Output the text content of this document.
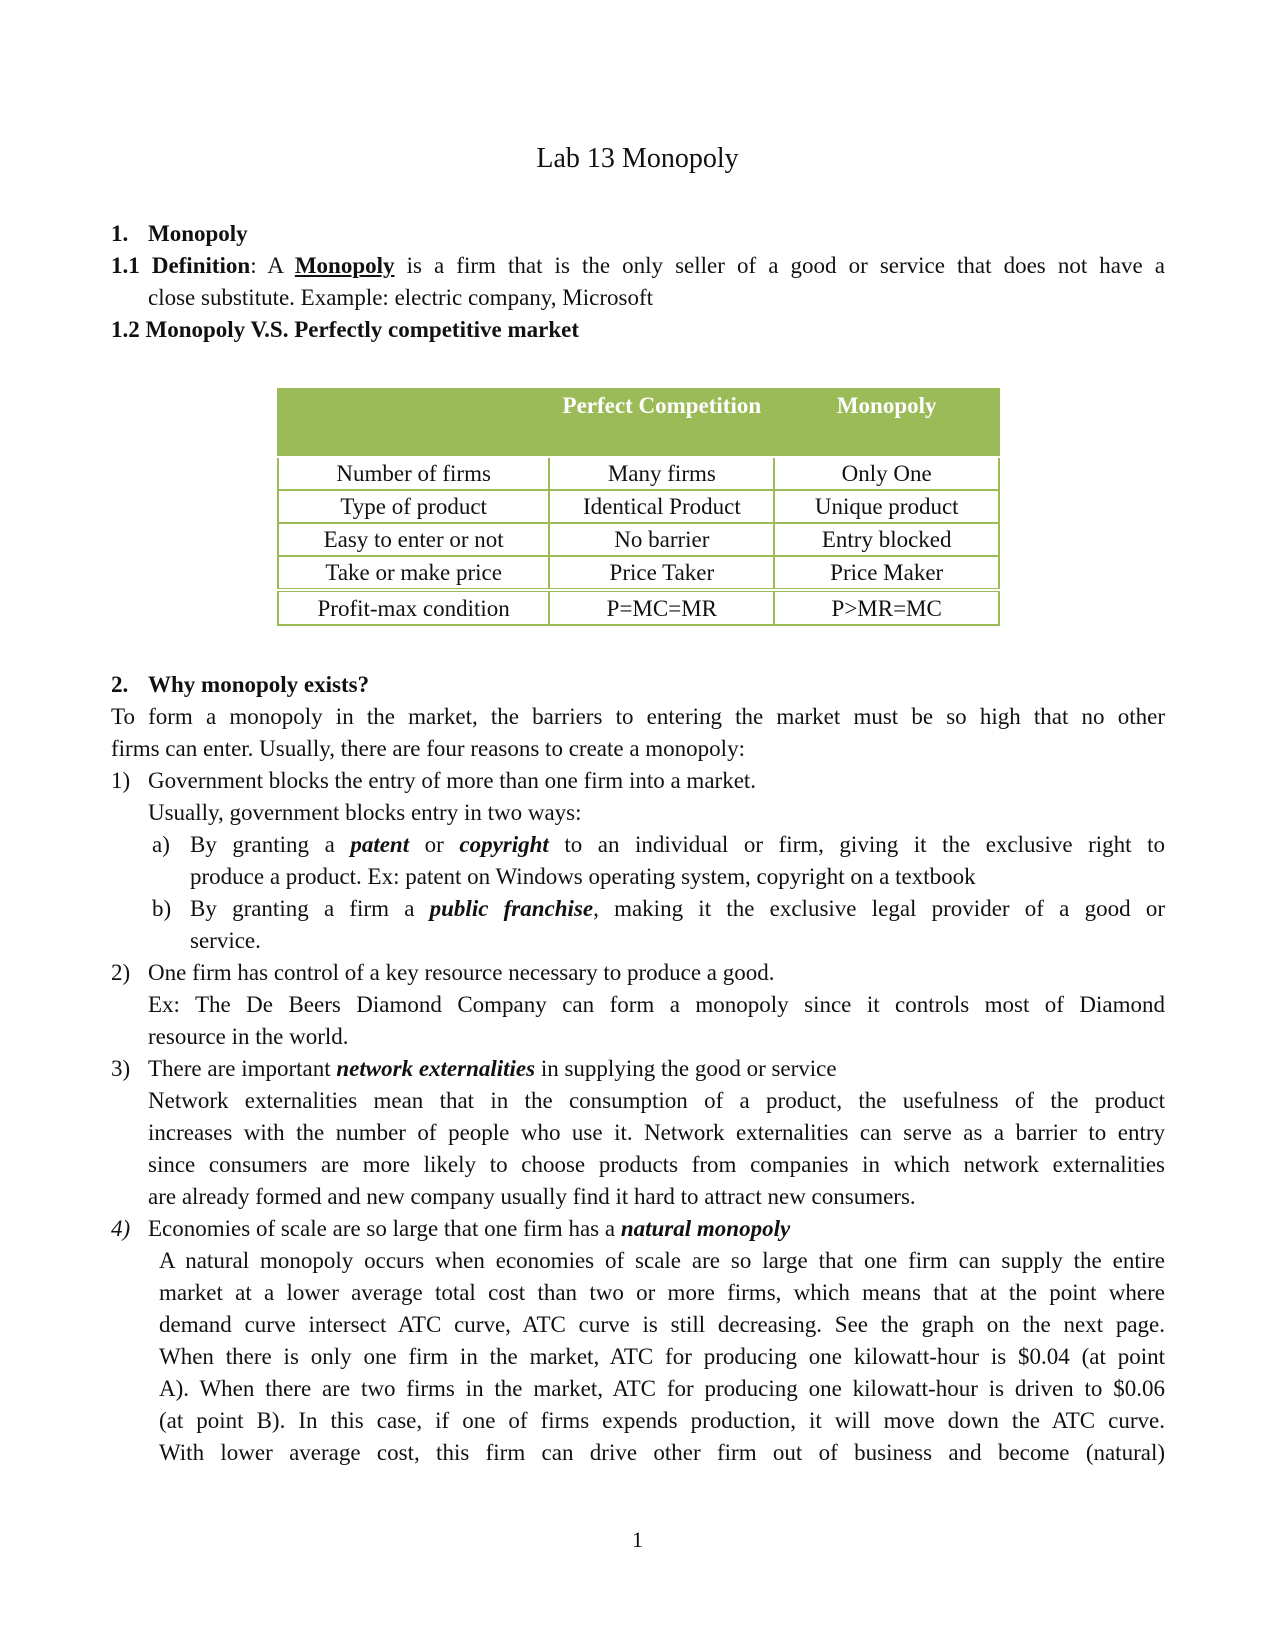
Lab 13 Monopoly
1. Monopoly
1.1 Definition: A Monopoly is a firm that is the only seller of a good or service that does not have a
close substitute. Example: electric company, Microsoft
1.2 Monopoly V.S. Perfectly competitive market
	Perfect Competition	Monopoly
Number of firms	Many firms	Only One
Type of product	Identical Product	Unique product
Easy to enter or not	No barrier	Entry blocked
Take or make price	Price Taker	Price Maker
Profit-max condition	P=MC=MR	P>MR=MC
2. Why monopoly exists?
To form a monopoly in the market, the barriers to entering the market must be so high that no other
firms can enter. Usually, there are four reasons to create a monopoly:
1) Government blocks the entry of more than one firm into a market.
Usually, government blocks entry in two ways:
a) By granting a patent or copyright to an individual or firm, giving it the exclusive right to
produce a product. Ex: patent on Windows operating system, copyright on a textbook
b) By granting a firm a public franchise, making it the exclusive legal provider of a good or
service.
2) One firm has control of a key resource necessary to produce a good.
Ex: The De Beers Diamond Company can form a monopoly since it controls most of Diamond
resource in the world.
3) There are important network externalities in supplying the good or service
Network externalities mean that in the consumption of a product, the usefulness of the product
increases with the number of people who use it. Network externalities can serve as a barrier to entry
since consumers are more likely to choose products from companies in which network externalities
are already formed and new company usually find it hard to attract new consumers.
4) Economies of scale are so large that one firm has a natural monopoly
A natural monopoly occurs when economies of scale are so large that one firm can supply the entire
market at a lower average total cost than two or more firms, which means that at the point where
demand curve intersect ATC curve, ATC curve is still decreasing. See the graph on the next page.
When there is only one firm in the market, ATC for producing one kilowatt-hour is $0.04 (at point
A). When there are two firms in the market, ATC for producing one kilowatt-hour is driven to $0.06
(at point B). In this case, if one of firms expends production, it will move down the ATC curve.
With lower average cost, this firm can drive other firm out of business and become (natural)
1
